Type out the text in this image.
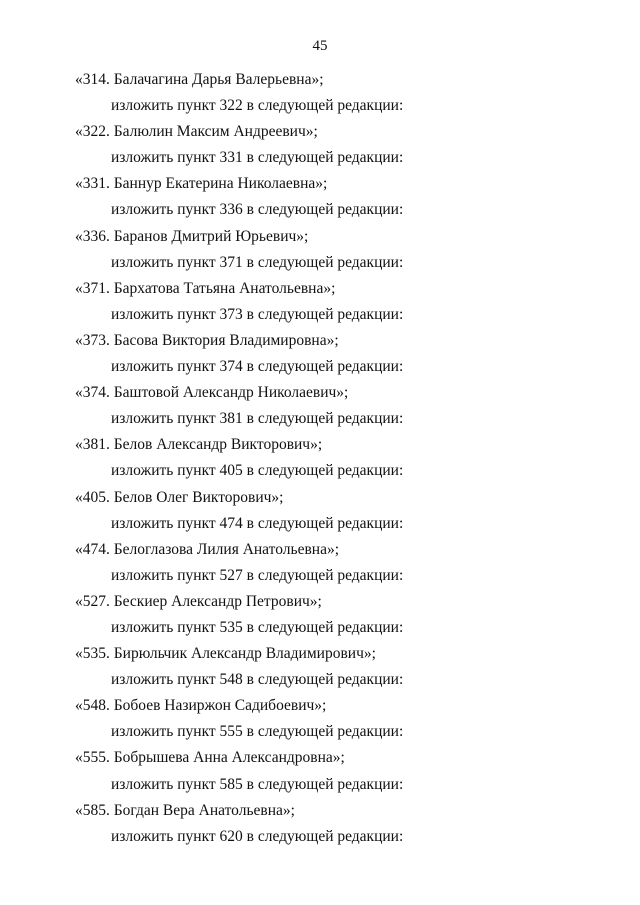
45
«314. Балачагина Дарья Валерьевна»;
изложить пункт 322 в следующей редакции:
«322. Балюлин Максим Андреевич»;
изложить пункт 331 в следующей редакции:
«331. Баннур Екатерина Николаевна»;
изложить пункт 336 в следующей редакции:
«336. Баранов Дмитрий Юрьевич»;
изложить пункт 371 в следующей редакции:
«371. Бархатова Татьяна Анатольевна»;
изложить пункт 373 в следующей редакции:
«373. Басова Виктория Владимировна»;
изложить пункт 374 в следующей редакции:
«374. Баштовой Александр Николаевич»;
изложить пункт 381 в следующей редакции:
«381. Белов Александр Викторович»;
изложить пункт 405 в следующей редакции:
«405. Белов Олег Викторович»;
изложить пункт 474 в следующей редакции:
«474. Белоглазова Лилия Анатольевна»;
изложить пункт 527 в следующей редакции:
«527. Бескиер Александр Петрович»;
изложить пункт 535 в следующей редакции:
«535. Бирюльчик Александр Владимирович»;
изложить пункт 548 в следующей редакции:
«548. Бобоев Назиржон Садибоевич»;
изложить пункт 555 в следующей редакции:
«555. Бобрышева Анна Александровна»;
изложить пункт 585 в следующей редакции:
«585. Богдан Вера Анатольевна»;
изложить пункт 620 в следующей редакции:
